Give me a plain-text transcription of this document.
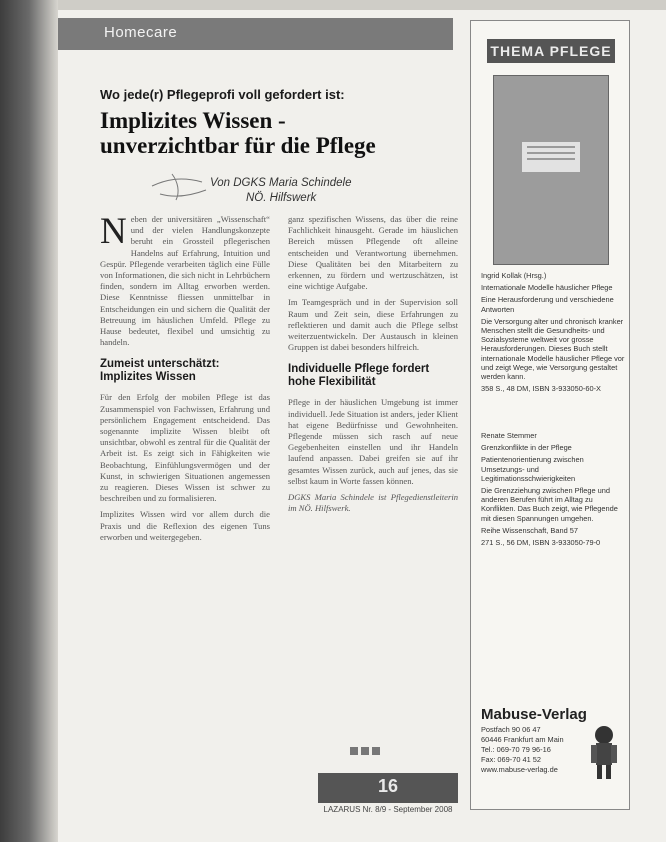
Homecare
Wo jede(r) Pflegeprofi voll gefordert ist:
Implizites Wissen -
unverzichtbar für die Pflege
Von DGKS Maria Schindele
NÖ. Hilfswerk

Neben der universitären „Wissenschaft“ und der vielen Handlungskonzepte beruht ein Grossteil pflegerischen Handelns auf Erfahrung, Intuition und Gespür. Pflegende verarbeiten täglich eine Fülle von Informationen, die sich nicht in Lehrbüchern finden, sondern im Alltag erworben werden. Diese Kenntnisse fliessen unmittelbar in Entscheidungen ein und sichern die Qualität der Betreuung im häuslichen Umfeld. Pflege zu Hause bedeutet, flexibel und umsichtig zu handeln.

Zumeist unterschätzt: Implizites Wissen

Für den Erfolg der mobilen Pflege ist das Zusammenspiel von Fachwissen, Erfahrung und persönlichem Engagement entscheidend. Das sogenannte implizite Wissen bleibt oft unsichtbar, obwohl es zentral für die Qualität der Arbeit ist. Es zeigt sich in Fähigkeiten wie Beobachtung, Einfühlungsvermögen und der Kunst, in schwierigen Situationen angemessen zu reagieren. Dieses Wissen ist schwer zu beschreiben und zu formalisieren.

Implizites Wissen wird vor allem durch die Praxis und die Reflexion des eigenen Tuns erworben und weitergegeben.

ganz spezifischen Wissens, das über die reine Fachlichkeit hinausgeht. Gerade im häuslichen Bereich müssen Pflegende oft alleine entscheiden und Verantwortung übernehmen. Diese Qualitäten bei den Mitarbeitern zu erkennen, zu fördern und wertzuschätzen, ist eine wichtige Aufgabe.

Im Teamgespräch und in der Supervision soll Raum und Zeit sein, diese Erfahrungen zu reflektieren und damit auch die Pflege selbst weiterzuentwickeln. Der Austausch in kleinen Gruppen ist dabei besonders hilfreich.

Individuelle Pflege fordert hohe Flexibilität

Pflege in der häuslichen Umgebung ist immer individuell. Jede Situation ist anders, jeder Klient hat eigene Bedürfnisse und Gewohnheiten. Pflegende müssen sich rasch auf neue Gegebenheiten einstellen und ihr Handeln laufend anpassen. Dabei greifen sie auf ihr gesamtes Wissen zurück, auch auf jenes, das sie selbst kaum in Worte fassen können.

DGKS Maria Schindele ist Pflegedienstleiterin im NÖ. Hilfswerk.

16
LAZARUS Nr. 8/9 - September 2008
THEMA PFLEGE

Ingrid Kollak (Hrsg.)

Internationale Modelle häuslicher Pflege

Eine Herausforderung und verschiedene Antworten

Die Versorgung alter und chronisch kranker Menschen stellt die Gesundheits- und Sozialsysteme weltweit vor grosse Herausforderungen. Dieses Buch stellt internationale Modelle häuslicher Pflege vor und zeigt Wege, wie Versorgung gestaltet werden kann.

358 S., 48 DM, ISBN 3-933050-60-X

Renate Stemmer

Grenzkonflikte in der Pflege

Patientenorientierung zwischen Umsetzungs- und Legitimationsschwierigkeiten

Die Grenzziehung zwischen Pflege und anderen Berufen führt im Alltag zu Konflikten. Das Buch zeigt, wie Pflegende mit diesen Spannungen umgehen.

Reihe Wissenschaft, Band 57

271 S., 56 DM, ISBN 3-933050-79-0

Mabuse-Verlag
Postfach 90 06 47
60446 Frankfurt am Main
Tel.: 069-70 79 96-16
Fax: 069-70 41 52
www.mabuse-verlag.de
